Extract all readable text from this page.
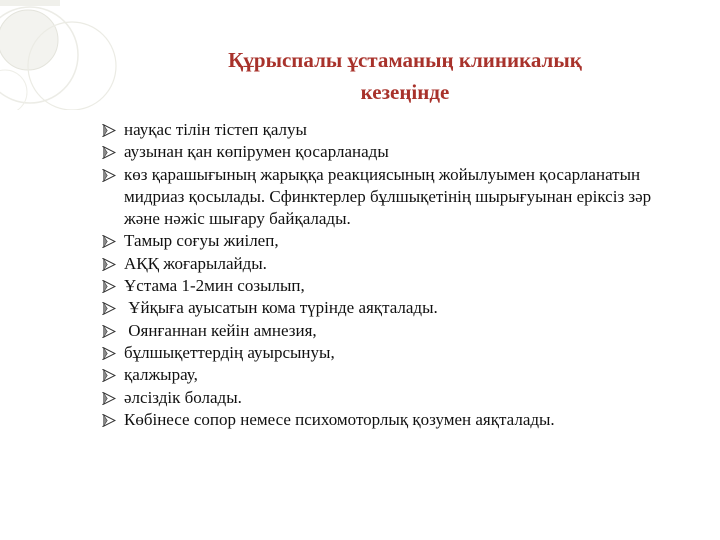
Құрыспалы ұстаманың клиникалық
кезеңінде
науқас тілін тістеп қалуы
аузынан қан көпірумен қосарланады
көз қарашығының жарыққа реакциясының жойылуымен қосарланатын мидриаз қосылады. Сфинктерлер бұлшықетінің шырығуынан еріксіз зәр және нәжіс шығару байқалады.
Тамыр соғуы жиілеп,
АҚҚ жоғарылайды.
Ұстама 1-2мин созылып,
Ұйқыға ауысатын кома түрінде аяқталады.
Оянғаннан кейін амнезия,
бұлшықеттердің ауырсынуы,
қалжырау,
әлсіздік болады.
Көбінесе сопор немесе психомоторлық қозумен аяқталады.
